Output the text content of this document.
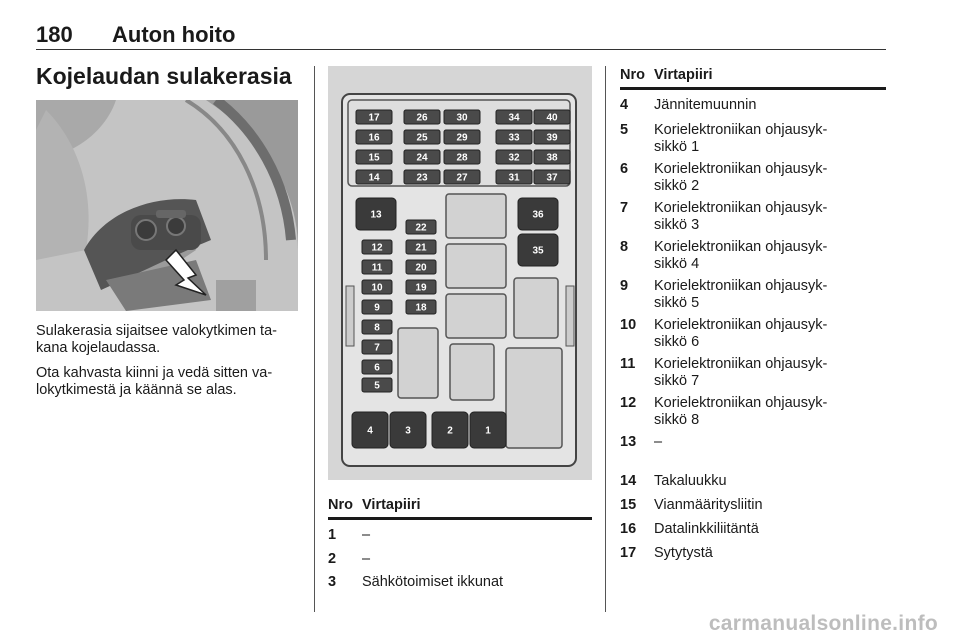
180 Auton hoito
Kojelaudan sulakerasia
Sulakerasia sijaitsee valokytkimen ta-
kana kojelaudassa.
Ota kahvasta kiinni ja vedä sitten va-
lokytkimestä ja käännä se alas.
17	26	30	34	40
16	25	29	33	39
15	24	28	32	38
14	23	27	31	37
13	36
35
22
21
20
19
18
12
11
10
9
8
7
6
5
4	3	2	1
Nro Virtapiiri
1 –
2 –
3 Sähkötoimiset ikkunat
Nro Virtapiiri
4 Jännitemuunnin
5 Korielektroniikan ohjausyk-
sikkö 1
6 Korielektroniikan ohjausyk-
sikkö 2
7 Korielektroniikan ohjausyk-
sikkö 3
8 Korielektroniikan ohjausyk-
sikkö 4
9 Korielektroniikan ohjausyk-
sikkö 5
10 Korielektroniikan ohjausyk-
sikkö 6
11 Korielektroniikan ohjausyk-
sikkö 7
12 Korielektroniikan ohjausyk-
sikkö 8
13 –
14 Takaluukku
15 Vianmääritysliitin
16 Datalinkkiliitäntä
17 Sytytystä
carmanualsonline.info
